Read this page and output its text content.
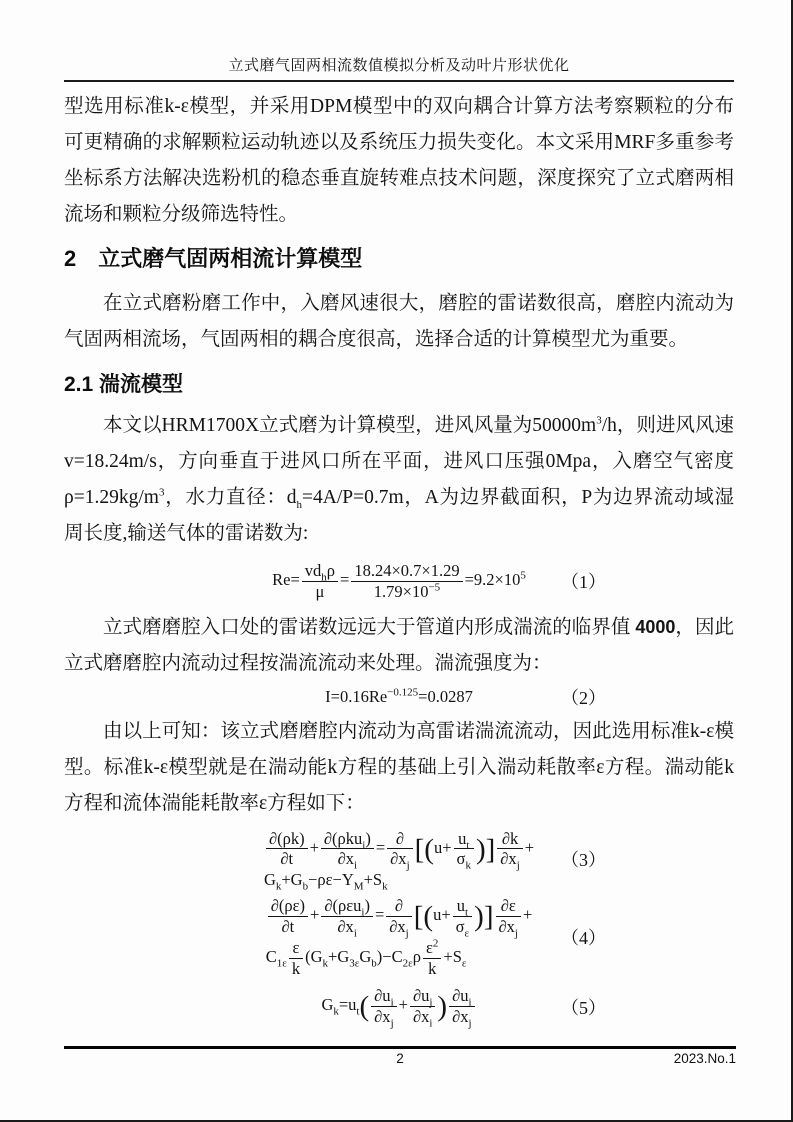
立式磨气固两相流数值模拟分析及动叶片形状优化

型选用标准k-ε模型，并采用DPM模型中的双向耦合计算方法考察颗粒的分布可更精确的求解颗粒运动轨迹以及系统压力损失变化。本文采用MRF多重参考坐标系方法解决选粉机的稳态垂直旋转难点技术问题，深度探究了立式磨两相流场和颗粒分级筛选特性。

2　立式磨气固两相流计算模型

在立式磨粉磨工作中，入磨风速很大，磨腔的雷诺数很高，磨腔内流动为气固两相流场，气固两相的耦合度很高，选择合适的计算模型尤为重要。

2.1 湍流模型

本文以HRM1700X立式磨为计算模型，进风风量为$50000m^3/h$，则进风风速v=18.24m/s，方向垂直于进风口所在平面，进风口压强0Mpa，入磨空气密度$\rho=1.29kg/m^3$，水力直径：$d_h=4A/P=0.7m$，A为边界截面积，P为边界流动域湿周长度,输送气体的雷诺数为:

$Re= \frac{vd_h\rho}{\mu} = \frac{18.24\times 0.7\times 1.29}{1.79\times 10^{-5}} =9.2\times 10^5$ （1）

立式磨磨腔入口处的雷诺数远远大于管道内形成湍流的临界值 4000，因此立式磨磨腔内流动过程按湍流流动来处理。湍流强度为：

$I=0.16Re^{-0.125}=0.0287$	（2）

由以上可知：该立式磨磨腔内流动为高雷诺湍流流动，因此选用标准k-ε模型。标准k-ε模型就是在湍动能k方程的基础上引入湍动耗散率ε方程。湍动能k方程和流体湍能耗散率ε方程如下：

$\frac{\partial(\rho k)}{\partial t} + \frac{\partial(\rho ku_i)}{\partial x_i} = \frac{\partial}{\partial x_j} [(u+ \frac{u_t}{\sigma_k}$ )] $\frac{\partial k}{\partial x_j}$ +
$G_k+G_b-\rho\varepsilon-Y_M+S_k$
（3）
$\frac{\partial(\rho\varepsilon)}{\partial t} + \frac{\partial(\rho\varepsilon u_i)}{\partial x_i} = \frac{\partial}{\partial x_j} [(u+ \frac{u_t}{\sigma_\varepsilon}$ )] $\frac{\partial\varepsilon}{\partial x_j}$ +
$C_{1\varepsilon} \frac{\varepsilon}{k} (G_k+G_{3\varepsilon}G_b)-C_{2\varepsilon}\rho \frac{\varepsilon^2}{k} +S_\varepsilon$
（4）
$G_k=u_t( \frac{\partial u_i}{\partial x_j} + \frac{\partial u_j}{\partial x_i}$ ) $\frac{\partial u_i}{\partial x_j}$	（5）
2	2023.No.1
